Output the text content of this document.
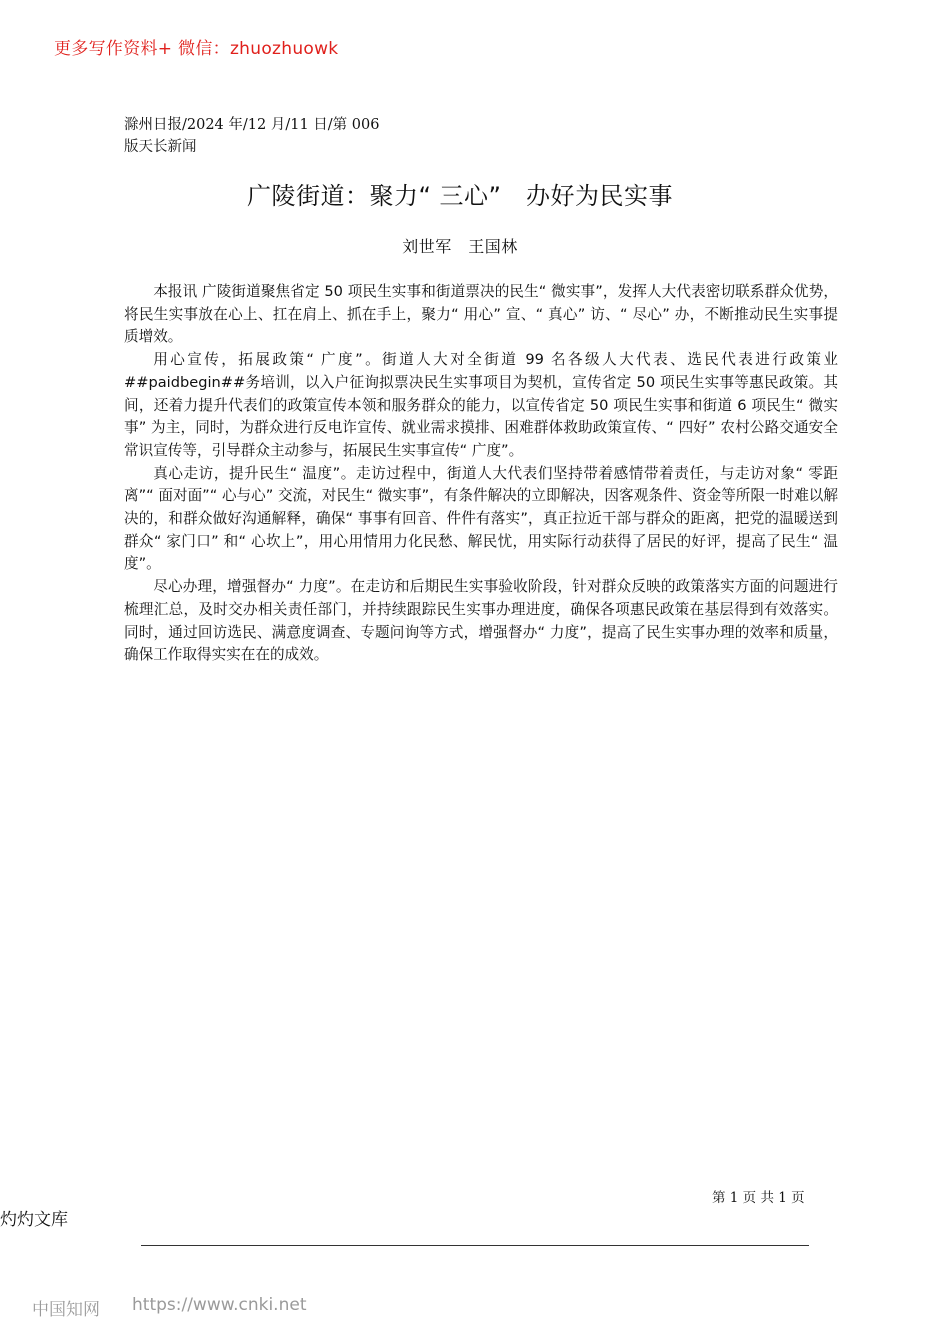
更多写作资料+ 微信：zhuozhuowk
滁州日报/2024 年/12 月/11 日/第 006
版天长新闻
广陵街道：聚力“ 三心”　办好为民实事
刘世军　王国林

本报讯 广陵街道聚焦省定 50 项民生实事和街道票决的民生“ 微实事”，发挥人大代表密切联系群众优势，将民生实事放在心上、扛在肩上、抓在手上，聚力“ 用心” 宣、“ 真心” 访、“ 尽心” 办，不断推动民生实事提质增效。

用心宣传，拓展政策“ 广度”。街道人大对全街道 99 名各级人大代表、选民代表进行政策业##paidbegin##务培训，以入户征询拟票决民生实事项目为契机，宣传省定 50 项民生实事等惠民政策。其间，还着力提升代表们的政策宣传本领和服务群众的能力，以宣传省定 50 项民生实事和街道 6 项民生“ 微实事” 为主，同时，为群众进行反电诈宣传、就业需求摸排、困难群体救助政策宣传、“ 四好” 农村公路交通安全常识宣传等，引导群众主动参与，拓展民生实事宣传“ 广度”。

真心走访，提升民生“ 温度”。走访过程中，街道人大代表们坚持带着感情带着责任，与走访对象“ 零距离”“ 面对面”“ 心与心” 交流，对民生“ 微实事”，有条件解决的立即解决，因客观条件、资金等所限一时难以解决的，和群众做好沟通解释，确保“ 事事有回音、件件有落实”，真正拉近干部与群众的距离，把党的温暖送到群众“ 家门口” 和“ 心坎上”，用心用情用力化民愁、解民忧，用实际行动获得了居民的好评，提高了民生“ 温度”。

尽心办理，增强督办“ 力度”。在走访和后期民生实事验收阶段，针对群众反映的政策落实方面的问题进行梳理汇总，及时交办相关责任部门，并持续跟踪民生实事办理进度，确保各项惠民政策在基层得到有效落实。同时，通过回访选民、满意度调查、专题问询等方式，增强督办“ 力度”，提高了民生实事办理的效率和质量，确保工作取得实实在在的成效。

第 1 页 共 1 页
灼灼文库
中国知网 https://www.cnki.net
